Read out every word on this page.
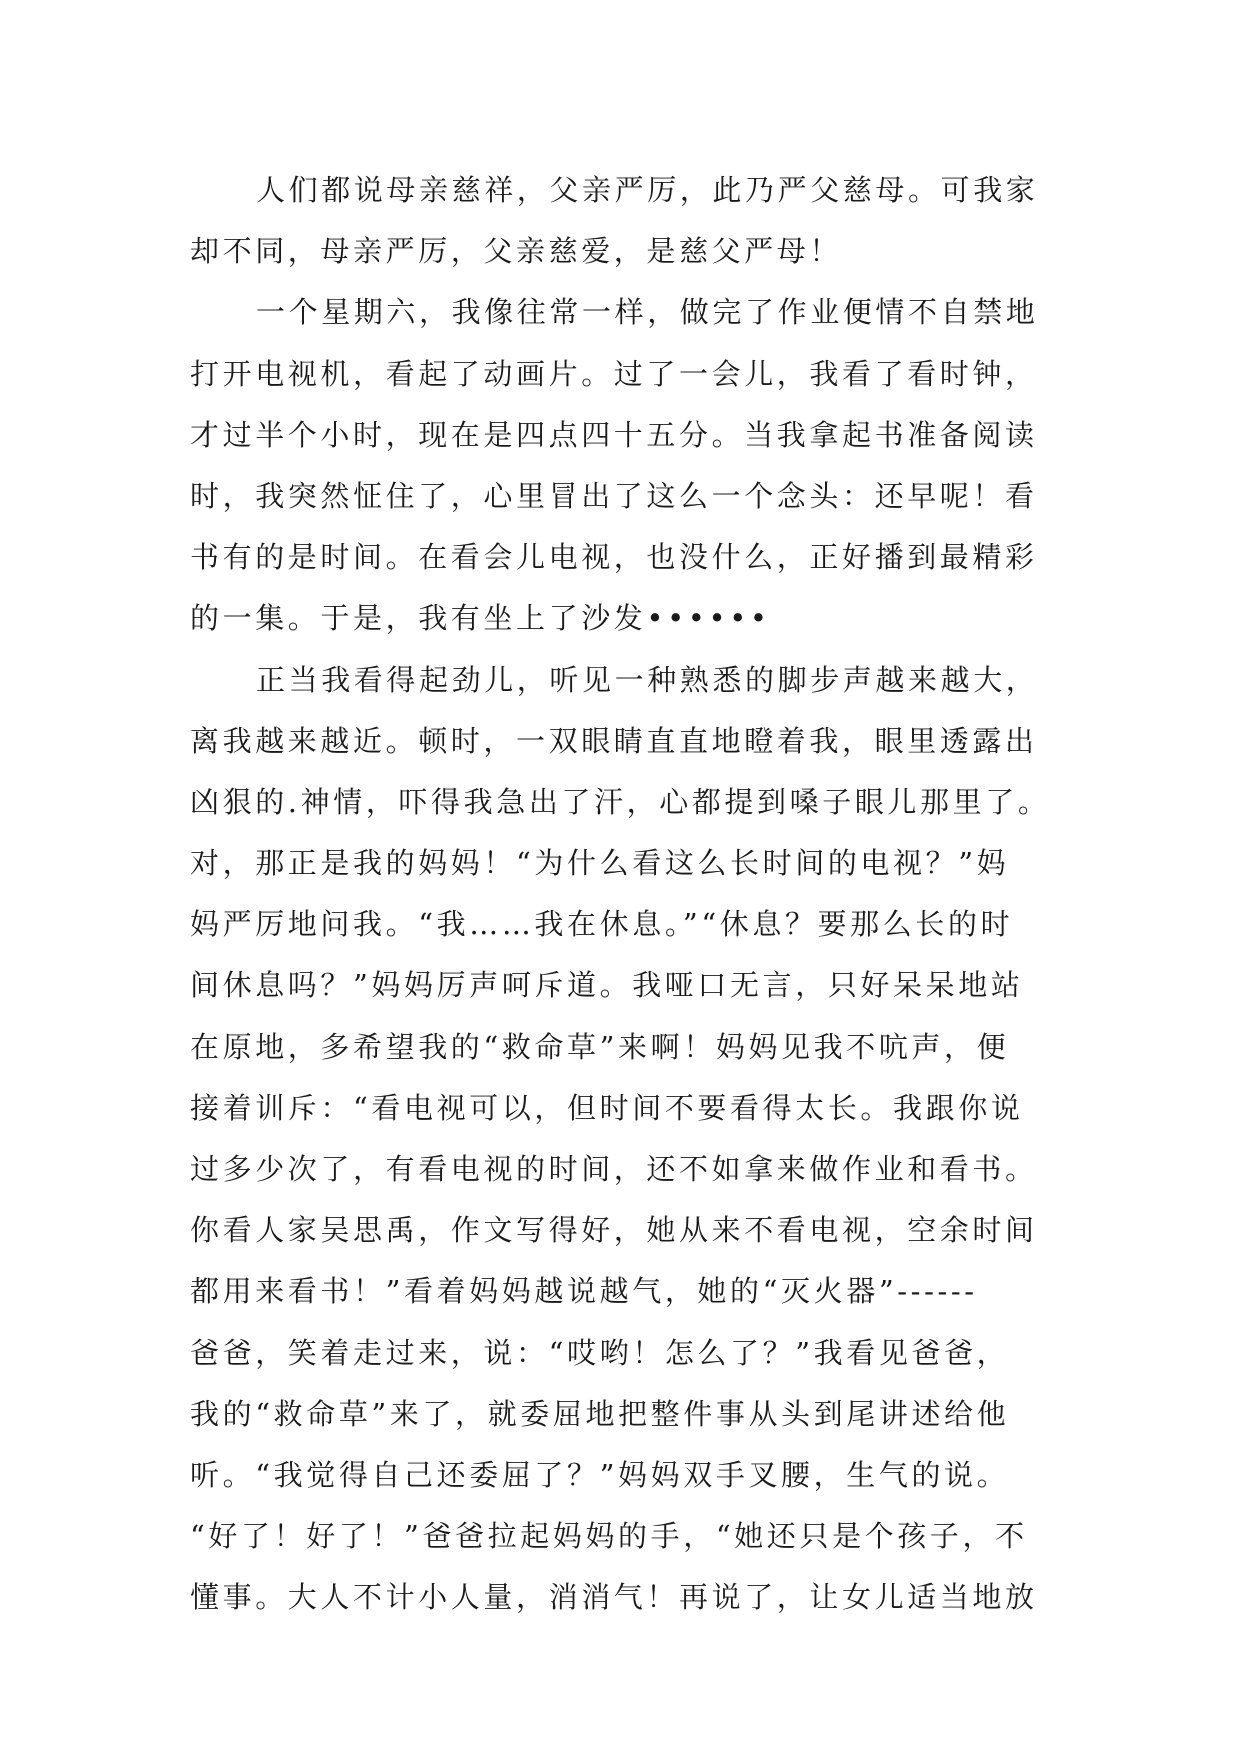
人们都说母亲慈祥，父亲严厉，此乃严父慈母。可我家
却不同，母亲严厉，父亲慈爱，是慈父严母！
一个星期六，我像往常一样，做完了作业便情不自禁地
打开电视机，看起了动画片。过了一会儿，我看了看时钟，
才过半个小时，现在是四点四十五分。当我拿起书准备阅读
时，我突然怔住了，心里冒出了这么一个念头：还早呢！看
书有的是时间。在看会儿电视，也没什么，正好播到最精彩
的一集。于是，我有坐上了沙发••••••
正当我看得起劲儿，听见一种熟悉的脚步声越来越大，
离我越来越近。顿时，一双眼睛直直地瞪着我，眼里透露出
凶狠的.神情，吓得我急出了汗，心都提到嗓子眼儿那里了。
对，那正是我的妈妈！“为什么看这么长时间的电视？”妈
妈严厉地问我。“我……我在休息。”“休息？要那么长的时
间休息吗？”妈妈厉声呵斥道。我哑口无言，只好呆呆地站
在原地，多希望我的“救命草”来啊！妈妈见我不吭声，便
接着训斥：“看电视可以，但时间不要看得太长。我跟你说
过多少次了，有看电视的时间，还不如拿来做作业和看书。
你看人家吴思禹，作文写得好，她从来不看电视，空余时间
都用来看书！”看着妈妈越说越气，她的“灭火器”------
爸爸，笑着走过来，说：“哎哟！怎么了？”我看见爸爸，
我的“救命草”来了，就委屈地把整件事从头到尾讲述给他
听。“我觉得自己还委屈了？”妈妈双手叉腰，生气的说。
“好了！好了！”爸爸拉起妈妈的手，“她还只是个孩子，不
懂事。大人不计小人量，消消气！再说了，让女儿适当地放
